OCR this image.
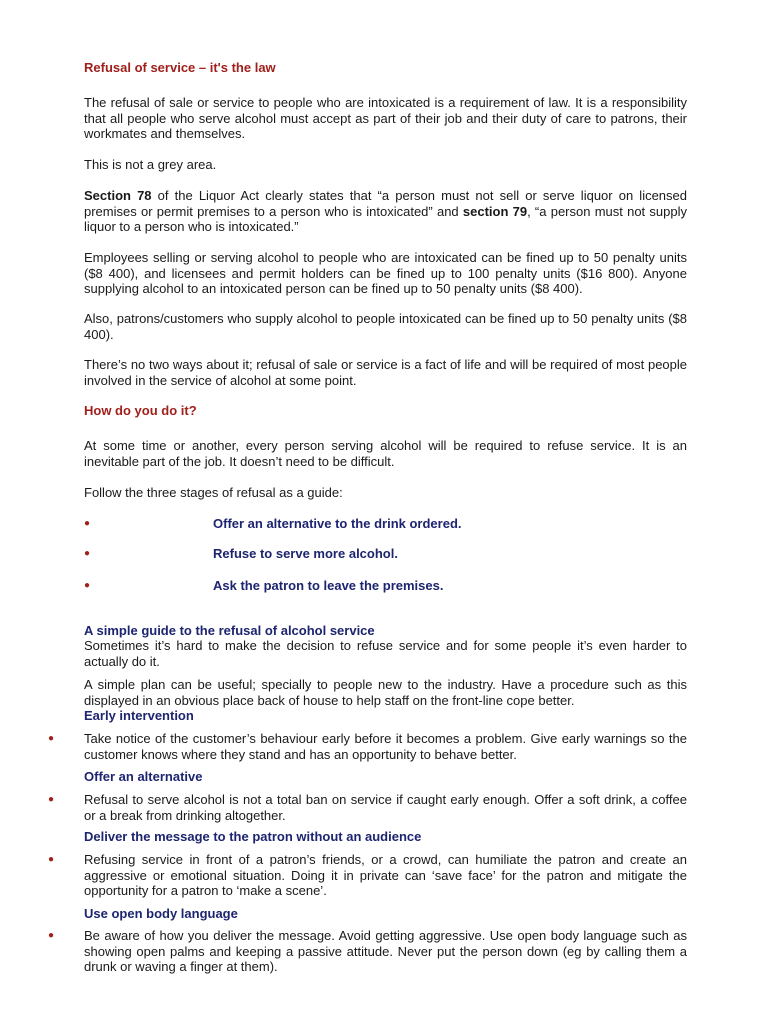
Refusal of service – it's the law

The refusal of sale or service to people who are intoxicated is a requirement of law. It is a responsibility that all people who serve alcohol must accept as part of their job and their duty of care to patrons, their workmates and themselves.

This is not a grey area.

Section 78 of the Liquor Act clearly states that “a person must not sell or serve liquor on licensed premises or permit premises to a person who is intoxicated” and section 79, “a person must not supply liquor to a person who is intoxicated.”

Employees selling or serving alcohol to people who are intoxicated can be fined up to 50 penalty units ($8 400), and licensees and permit holders can be fined up to 100 penalty units ($16 800). Anyone supplying alcohol to an intoxicated person can be fined up to 50 penalty units ($8 400).

Also, patrons/customers who supply alcohol to people intoxicated can be fined up to 50 penalty units ($8 400).

There’s no two ways about it; refusal of sale or service is a fact of life and will be required of most people involved in the service of alcohol at some point.

How do you do it?

At some time or another, every person serving alcohol will be required to refuse service. It is an inevitable part of the job. It doesn’t need to be difficult.

Follow the three stages of refusal as a guide:

●	Offer an alternative to the drink ordered.
●	Refuse to serve more alcohol.
●	Ask the patron to leave the premises.

A simple guide to the refusal of alcohol service

Sometimes it’s hard to make the decision to refuse service and for some people it’s even harder to actually do it.

A simple plan can be useful; specially to people new to the industry. Have a procedure such as this displayed in an obvious place back of house to help staff on the front-line cope better.

Early intervention

● Take notice of the customer’s behaviour early before it becomes a problem. Give early warnings so the customer knows where they stand and has an opportunity to behave better.

Offer an alternative

● Refusal to serve alcohol is not a total ban on service if caught early enough. Offer a soft drink, a coffee or a break from drinking altogether.

Deliver the message to the patron without an audience

● Refusing service in front of a patron’s friends, or a crowd, can humiliate the patron and create an aggressive or emotional situation. Doing it in private can ‘save face’ for the patron and mitigate the opportunity for a patron to ‘make a scene’.

Use open body language

● Be aware of how you deliver the message. Avoid getting aggressive. Use open body language such as showing open palms and keeping a passive attitude. Never put the person down (eg by calling them a drunk or waving a finger at them).
